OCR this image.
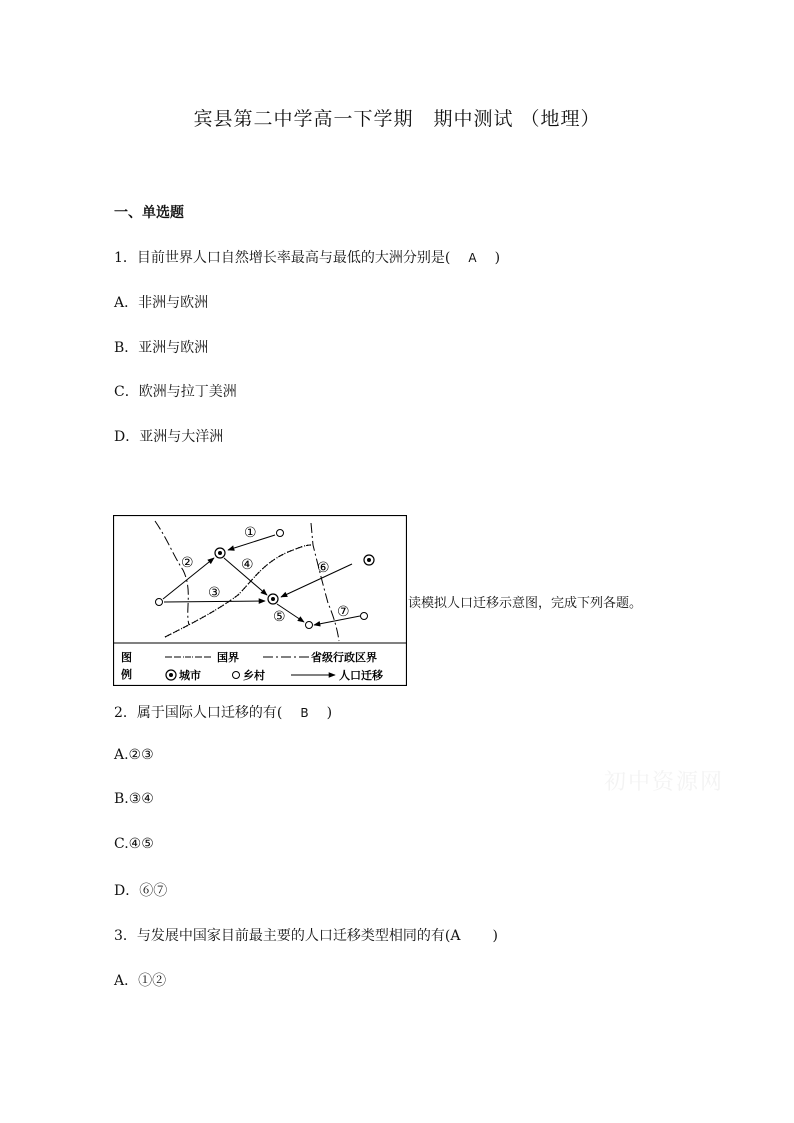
宾县第二中学高一下学期　期中测试 （地理）
一、单选题
1．目前世界人口自然增长率最高与最低的大洲分别是( A )
A．非洲与欧洲
B．亚洲与欧洲
C．欧洲与拉丁美洲
D．亚洲与大洋洲
①
②
③
④
⑤
⑥
⑦
图
例
国界	省级行政区界
城市	乡村	人口迁移
读模拟人口迁移示意图，完成下列各题。
2．属于国际人口迁移的有( B )
A.②③
B.③④
C.④⑤
D．⑥⑦
3．与发展中国家目前最主要的人口迁移类型相同的有(A )
A．①②
初中资源网
